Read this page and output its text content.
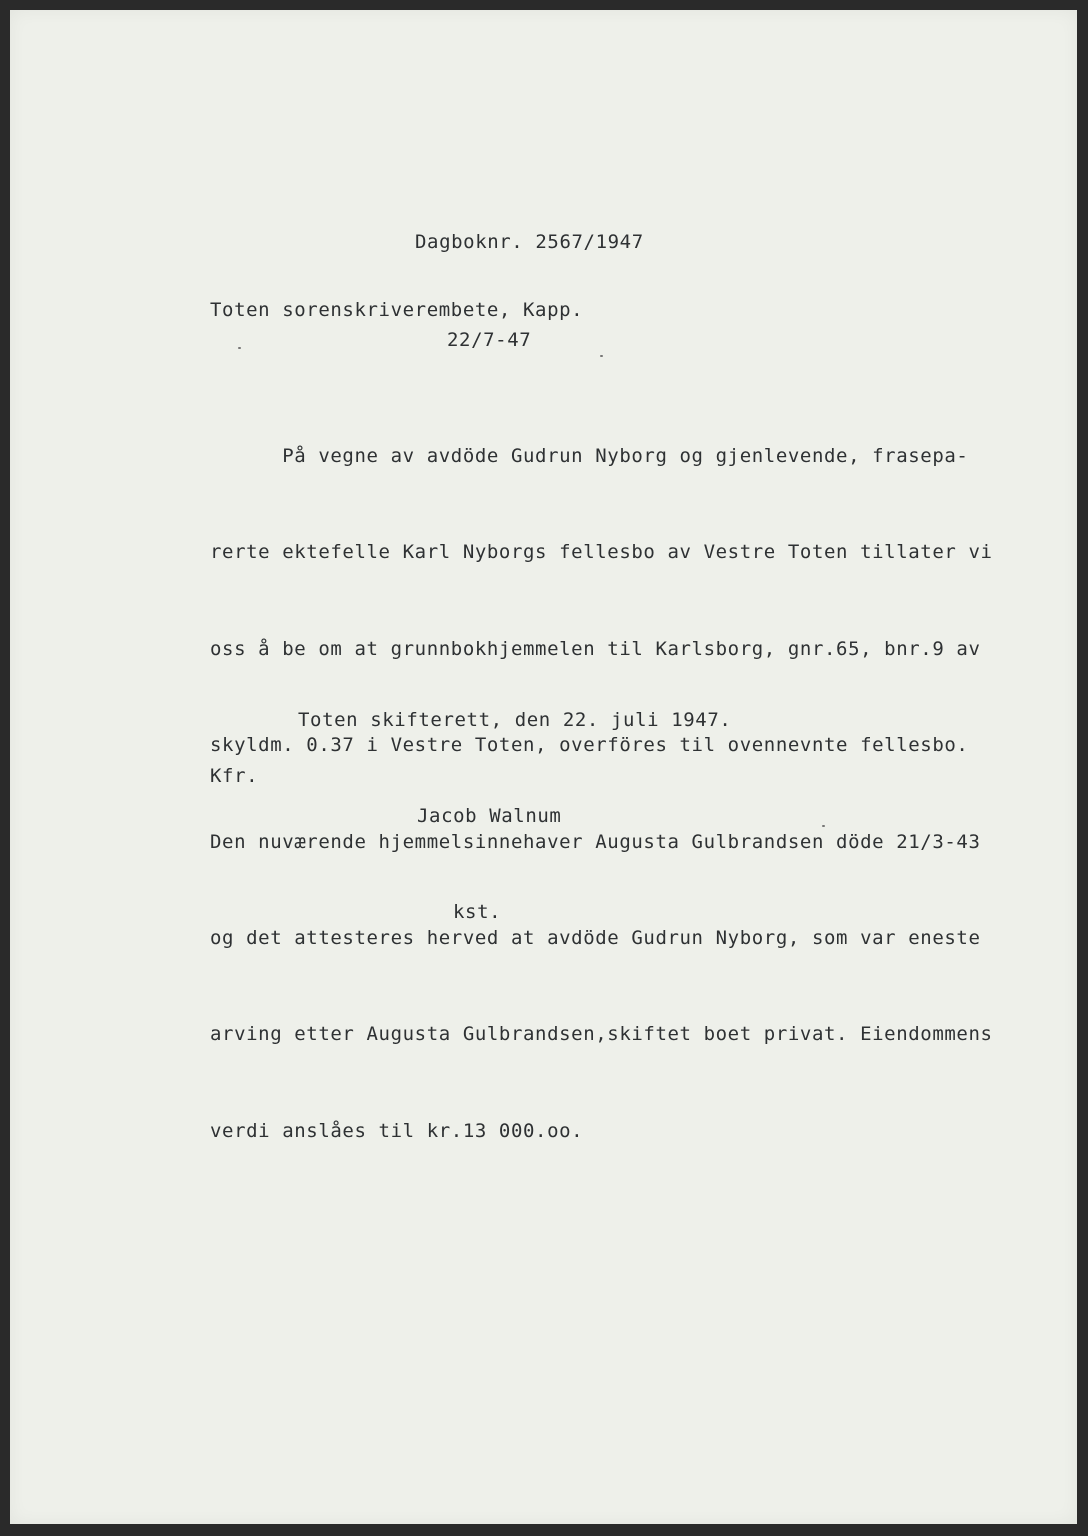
Dagboknr. 2567/1947

22/7-47

Toten sorenskriverembete, Kapp.

På vegne av avdöde Gudrun Nyborg og gjenlevende, frasepa-

rerte ektefelle Karl Nyborgs fellesbo av Vestre Toten tillater vi

oss å be om at grunnbokhjemmelen til Karlsborg, gnr.65, bnr.9 av

skyldm. 0.37 i Vestre Toten, overföres til ovennevnte fellesbo.

Den nuværende hjemmelsinnehaver Augusta Gulbrandsen döde 21/3-43

og det attesteres herved at avdöde Gudrun Nyborg, som var eneste

arving etter Augusta Gulbrandsen,skiftet boet privat. Eiendommens

verdi anslåes til kr.13 000.oo.

Toten skifterett, den 22. juli 1947.

Jacob Walnum

kst.

Kfr.
